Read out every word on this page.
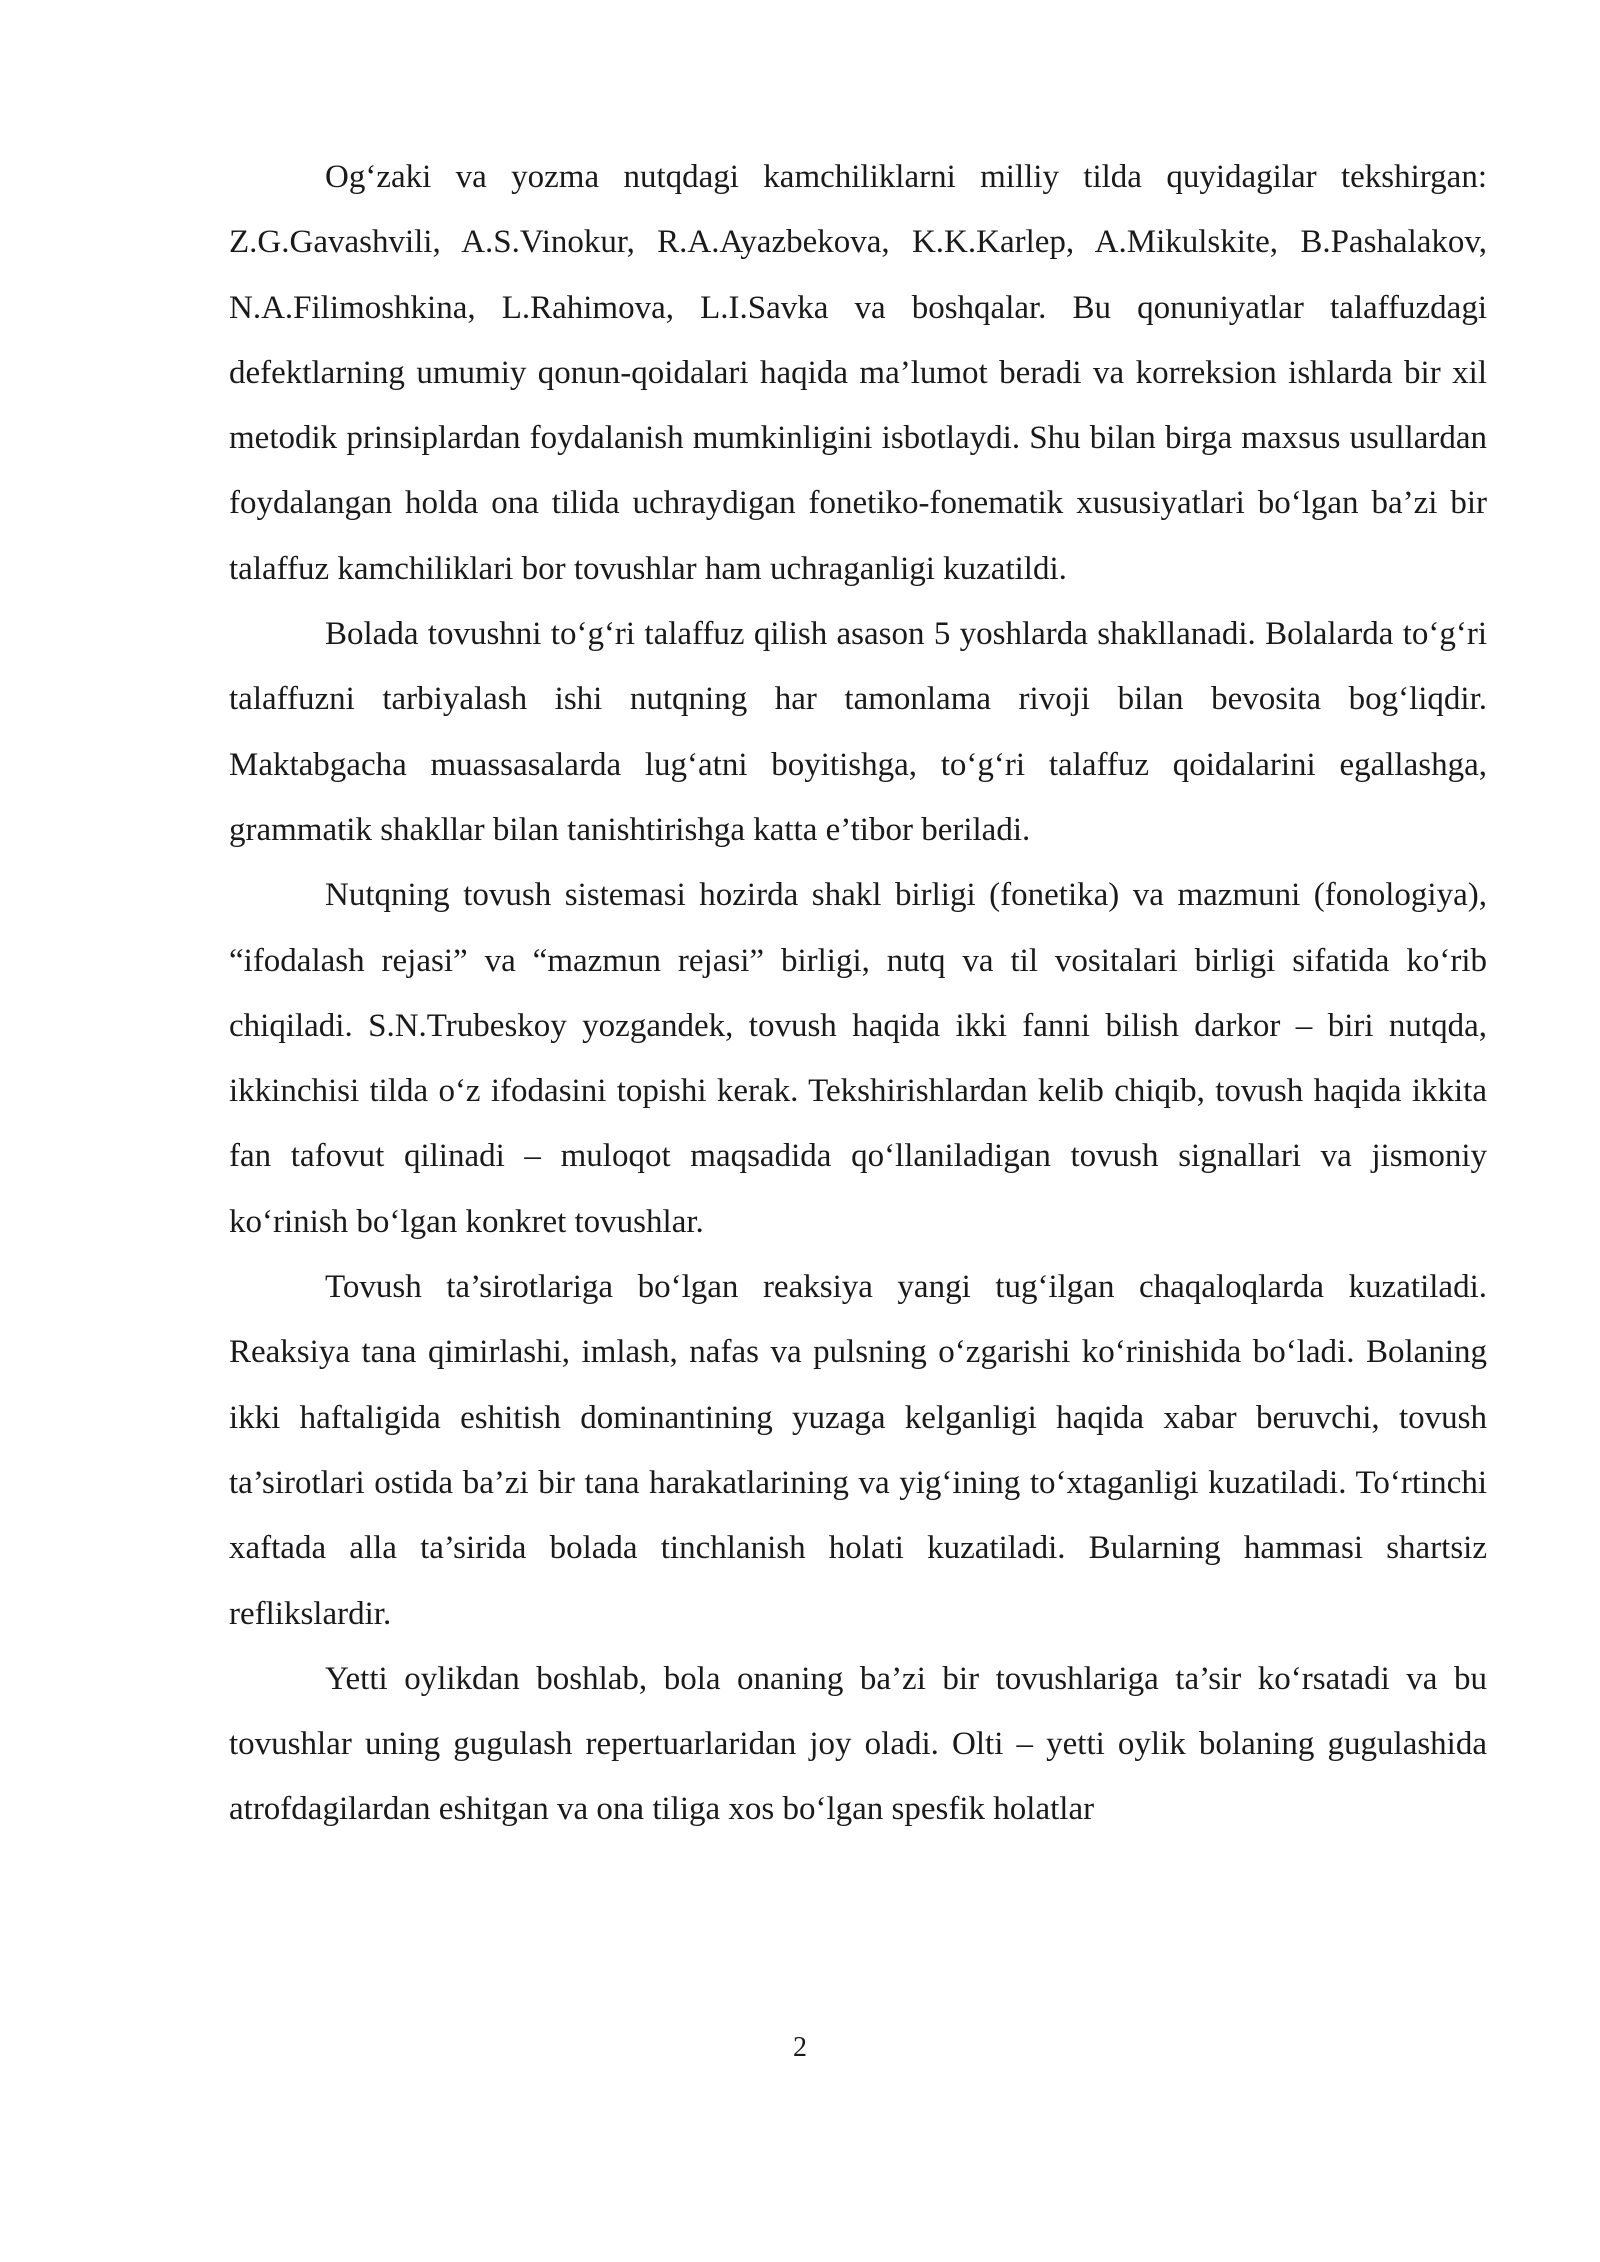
Og‘zaki va yozma nutqdagi kamchiliklarni milliy tilda quyidagilar tekshirgan: Z.G.Gavashvili, A.S.Vinokur, R.A.Ayazbekova, K.K.Karlep, A.Mikulskite, B.Pashalakov, N.A.Filimoshkina, L.Rahimova, L.I.Savka va boshqalar. Bu qonuniyatlar talaffuzdagi defektlarning umumiy qonun-qoidalari haqida ma’lumot beradi va korreksion ishlarda bir xil metodik prinsiplardan foydalanish mumkinligini isbotlaydi. Shu bilan birga maxsus usullardan foydalangan holda ona tilida uchraydigan fonetiko-fonematik xususiyatlari bo‘lgan ba’zi bir talaffuz kamchiliklari bor tovushlar ham uchraganligi kuzatildi.

Bolada tovushni to‘g‘ri talaffuz qilish asason 5 yoshlarda shakllanadi. Bolalarda to‘g‘ri talaffuzni tarbiyalash ishi nutqning har tamonlama rivoji bilan bevosita bog‘liqdir. Maktabgacha muassasalarda lug‘atni boyitishga, to‘g‘ri talaffuz qoidalarini egallashga, grammatik shakllar bilan tanishtirishga katta e’tibor beriladi.

Nutqning tovush sistemasi hozirda shakl birligi (fonetika) va mazmuni (fonologiya), “ifodalash rejasi” va “mazmun rejasi” birligi, nutq va til vositalari birligi sifatida ko‘rib chiqiladi. S.N.Trubeskoy yozgandek, tovush haqida ikki fanni bilish darkor – biri nutqda, ikkinchisi tilda o‘z ifodasini topishi kerak. Tekshirishlardan kelib chiqib, tovush haqida ikkita fan tafovut qilinadi – muloqot maqsadida qo‘llaniladigan tovush signallari va jismoniy ko‘rinish bo‘lgan konkret tovushlar.

Tovush ta’sirotlariga bo‘lgan reaksiya yangi tug‘ilgan chaqaloqlarda kuzatiladi. Reaksiya tana qimirlashi, imlash, nafas va pulsning o‘zgarishi ko‘rinishida bo‘ladi. Bolaning ikki haftaligida eshitish dominantining yuzaga kelganligi haqida xabar beruvchi, tovush ta’sirotlari ostida ba’zi bir tana harakatlarining va yig‘ining to‘xtaganligi kuzatiladi. To‘rtinchi xaftada alla ta’sirida bolada tinchlanish holati kuzatiladi. Bularning hammasi shartsiz reflikslardir.

Yetti oylikdan boshlab, bola onaning ba’zi bir tovushlariga ta’sir ko‘rsatadi va bu tovushlar uning gugulash repertuarlaridan joy oladi. Olti – yetti oylik bolaning gugulashida atrofdagilardan eshitgan va ona tiliga xos bo‘lgan spesfik holatlar

2
